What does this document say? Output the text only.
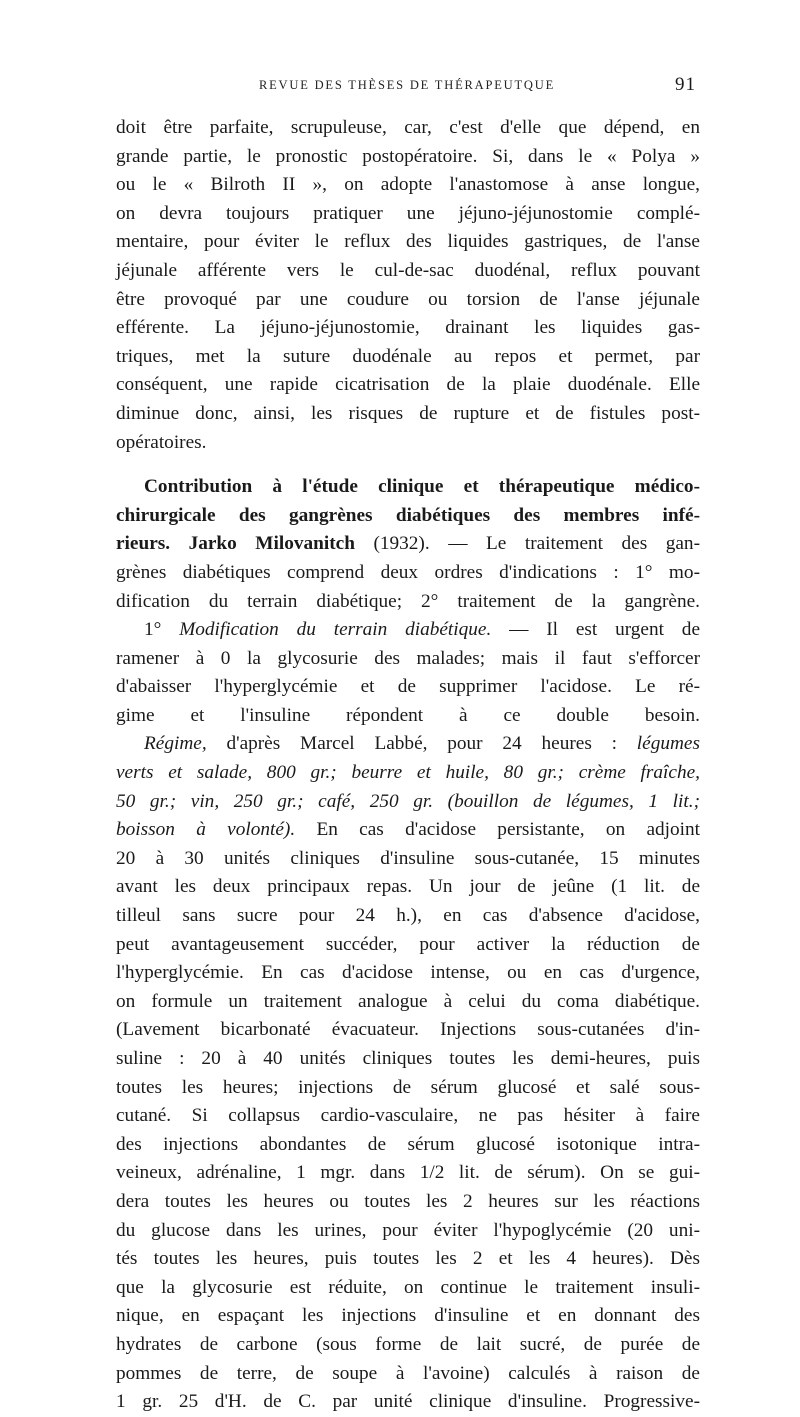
REVUE DES THÈSES DE THÉRAPEUTQUE	91

doit être parfaite, scrupuleuse, car, c'est d'elle que dépend, en
grande partie, le pronostic postopératoire. Si, dans le « Polya »
ou le « Bilroth II », on adopte l'anastomose à anse longue,
on devra toujours pratiquer une jéjuno-jéjunostomie complé-
mentaire, pour éviter le reflux des liquides gastriques, de l'anse
jéjunale afférente vers le cul-de-sac duodénal, reflux pouvant
être provoqué par une coudure ou torsion de l'anse jéjunale
efférente. La jéjuno-jéjunostomie, drainant les liquides gas-
triques, met la suture duodénale au repos et permet, par
conséquent, une rapide cicatrisation de la plaie duodénale. Elle
diminue donc, ainsi, les risques de rupture et de fistules post-
opératoires.

Contribution à l'étude clinique et thérapeutique médico-
chirurgicale des gangrènes diabétiques des membres infé-
rieurs. Jarko Milovanitch (1932). — Le traitement des gan-
grènes diabétiques comprend deux ordres d'indications : 1° mo-
dification du terrain diabétique; 2° traitement de la gangrène.
1° Modification du terrain diabétique. — Il est urgent de
ramener à 0 la glycosurie des malades; mais il faut s'efforcer
d'abaisser l'hyperglycémie et de supprimer l'acidose. Le ré-
gime et l'insuline répondent à ce double besoin.
Régime, d'après Marcel Labbé, pour 24 heures : légumes
verts et salade, 800 gr.; beurre et huile, 80 gr.; crème fraîche,
50 gr.; vin, 250 gr.; café, 250 gr. (bouillon de légumes, 1 lit.;
boisson à volonté). En cas d'acidose persistante, on adjoint
20 à 30 unités cliniques d'insuline sous-cutanée, 15 minutes
avant les deux principaux repas. Un jour de jeûne (1 lit. de
tilleul sans sucre pour 24 h.), en cas d'absence d'acidose,
peut avantageusement succéder, pour activer la réduction de
l'hyperglycémie. En cas d'acidose intense, ou en cas d'urgence,
on formule un traitement analogue à celui du coma diabétique.
(Lavement bicarbonaté évacuateur. Injections sous-cutanées d'in-
suline : 20 à 40 unités cliniques toutes les demi-heures, puis
toutes les heures; injections de sérum glucosé et salé sous-
cutané. Si collapsus cardio-vasculaire, ne pas hésiter à faire
des injections abondantes de sérum glucosé isotonique intra-
veineux, adrénaline, 1 mgr. dans 1/2 lit. de sérum). On se gui-
dera toutes les heures ou toutes les 2 heures sur les réactions
du glucose dans les urines, pour éviter l'hypoglycémie (20 uni-
tés toutes les heures, puis toutes les 2 et les 4 heures). Dès
que la glycosurie est réduite, on continue le traitement insuli-
nique, en espaçant les injections d'insuline et en donnant des
hydrates de carbone (sous forme de lait sucré, de purée de
pommes de terre, de soupe à l'avoine) calculés à raison de
1 gr. 25 d'H. de C. par unité clinique d'insuline. Progressive-
